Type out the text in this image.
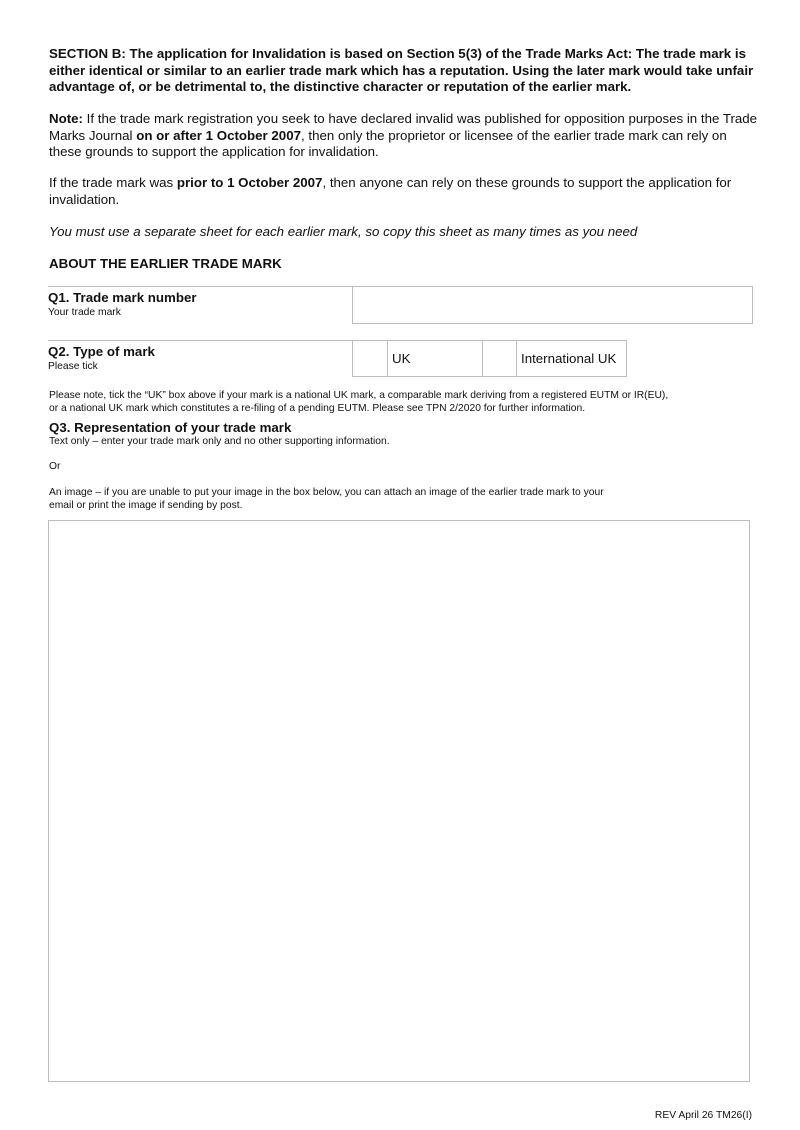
SECTION B: The application for Invalidation is based on Section 5(3) of the Trade Marks Act: The trade mark is either identical or similar to an earlier trade mark which has a reputation. Using the later mark would take unfair advantage of, or be detrimental to, the distinctive character or reputation of the earlier mark.
Note: If the trade mark registration you seek to have declared invalid was published for opposition purposes in the Trade Marks Journal on or after 1 October 2007, then only the proprietor or licensee of the earlier trade mark can rely on these grounds to support the application for invalidation.
If the trade mark was prior to 1 October 2007, then anyone can rely on these grounds to support the application for invalidation.
You must use a separate sheet for each earlier mark, so copy this sheet as many times as you need
ABOUT THE EARLIER TRADE MARK
Q1. Trade mark number
Your trade mark
Q2. Type of mark
Please tick
UK	International UK
Please note, tick the “UK” box above if your mark is a national UK mark, a comparable mark deriving from a registered EUTM or IR(EU),
or a national UK mark which constitutes a re-filing of a pending EUTM. Please see TPN 2/2020 for further information.
Q3. Representation of your trade mark
Text only – enter your trade mark only and no other supporting information.
Or
An image – if you are unable to put your image in the box below, you can attach an image of the earlier trade mark to your
email or print the image if sending by post.
REV April 26 TM26(I)
